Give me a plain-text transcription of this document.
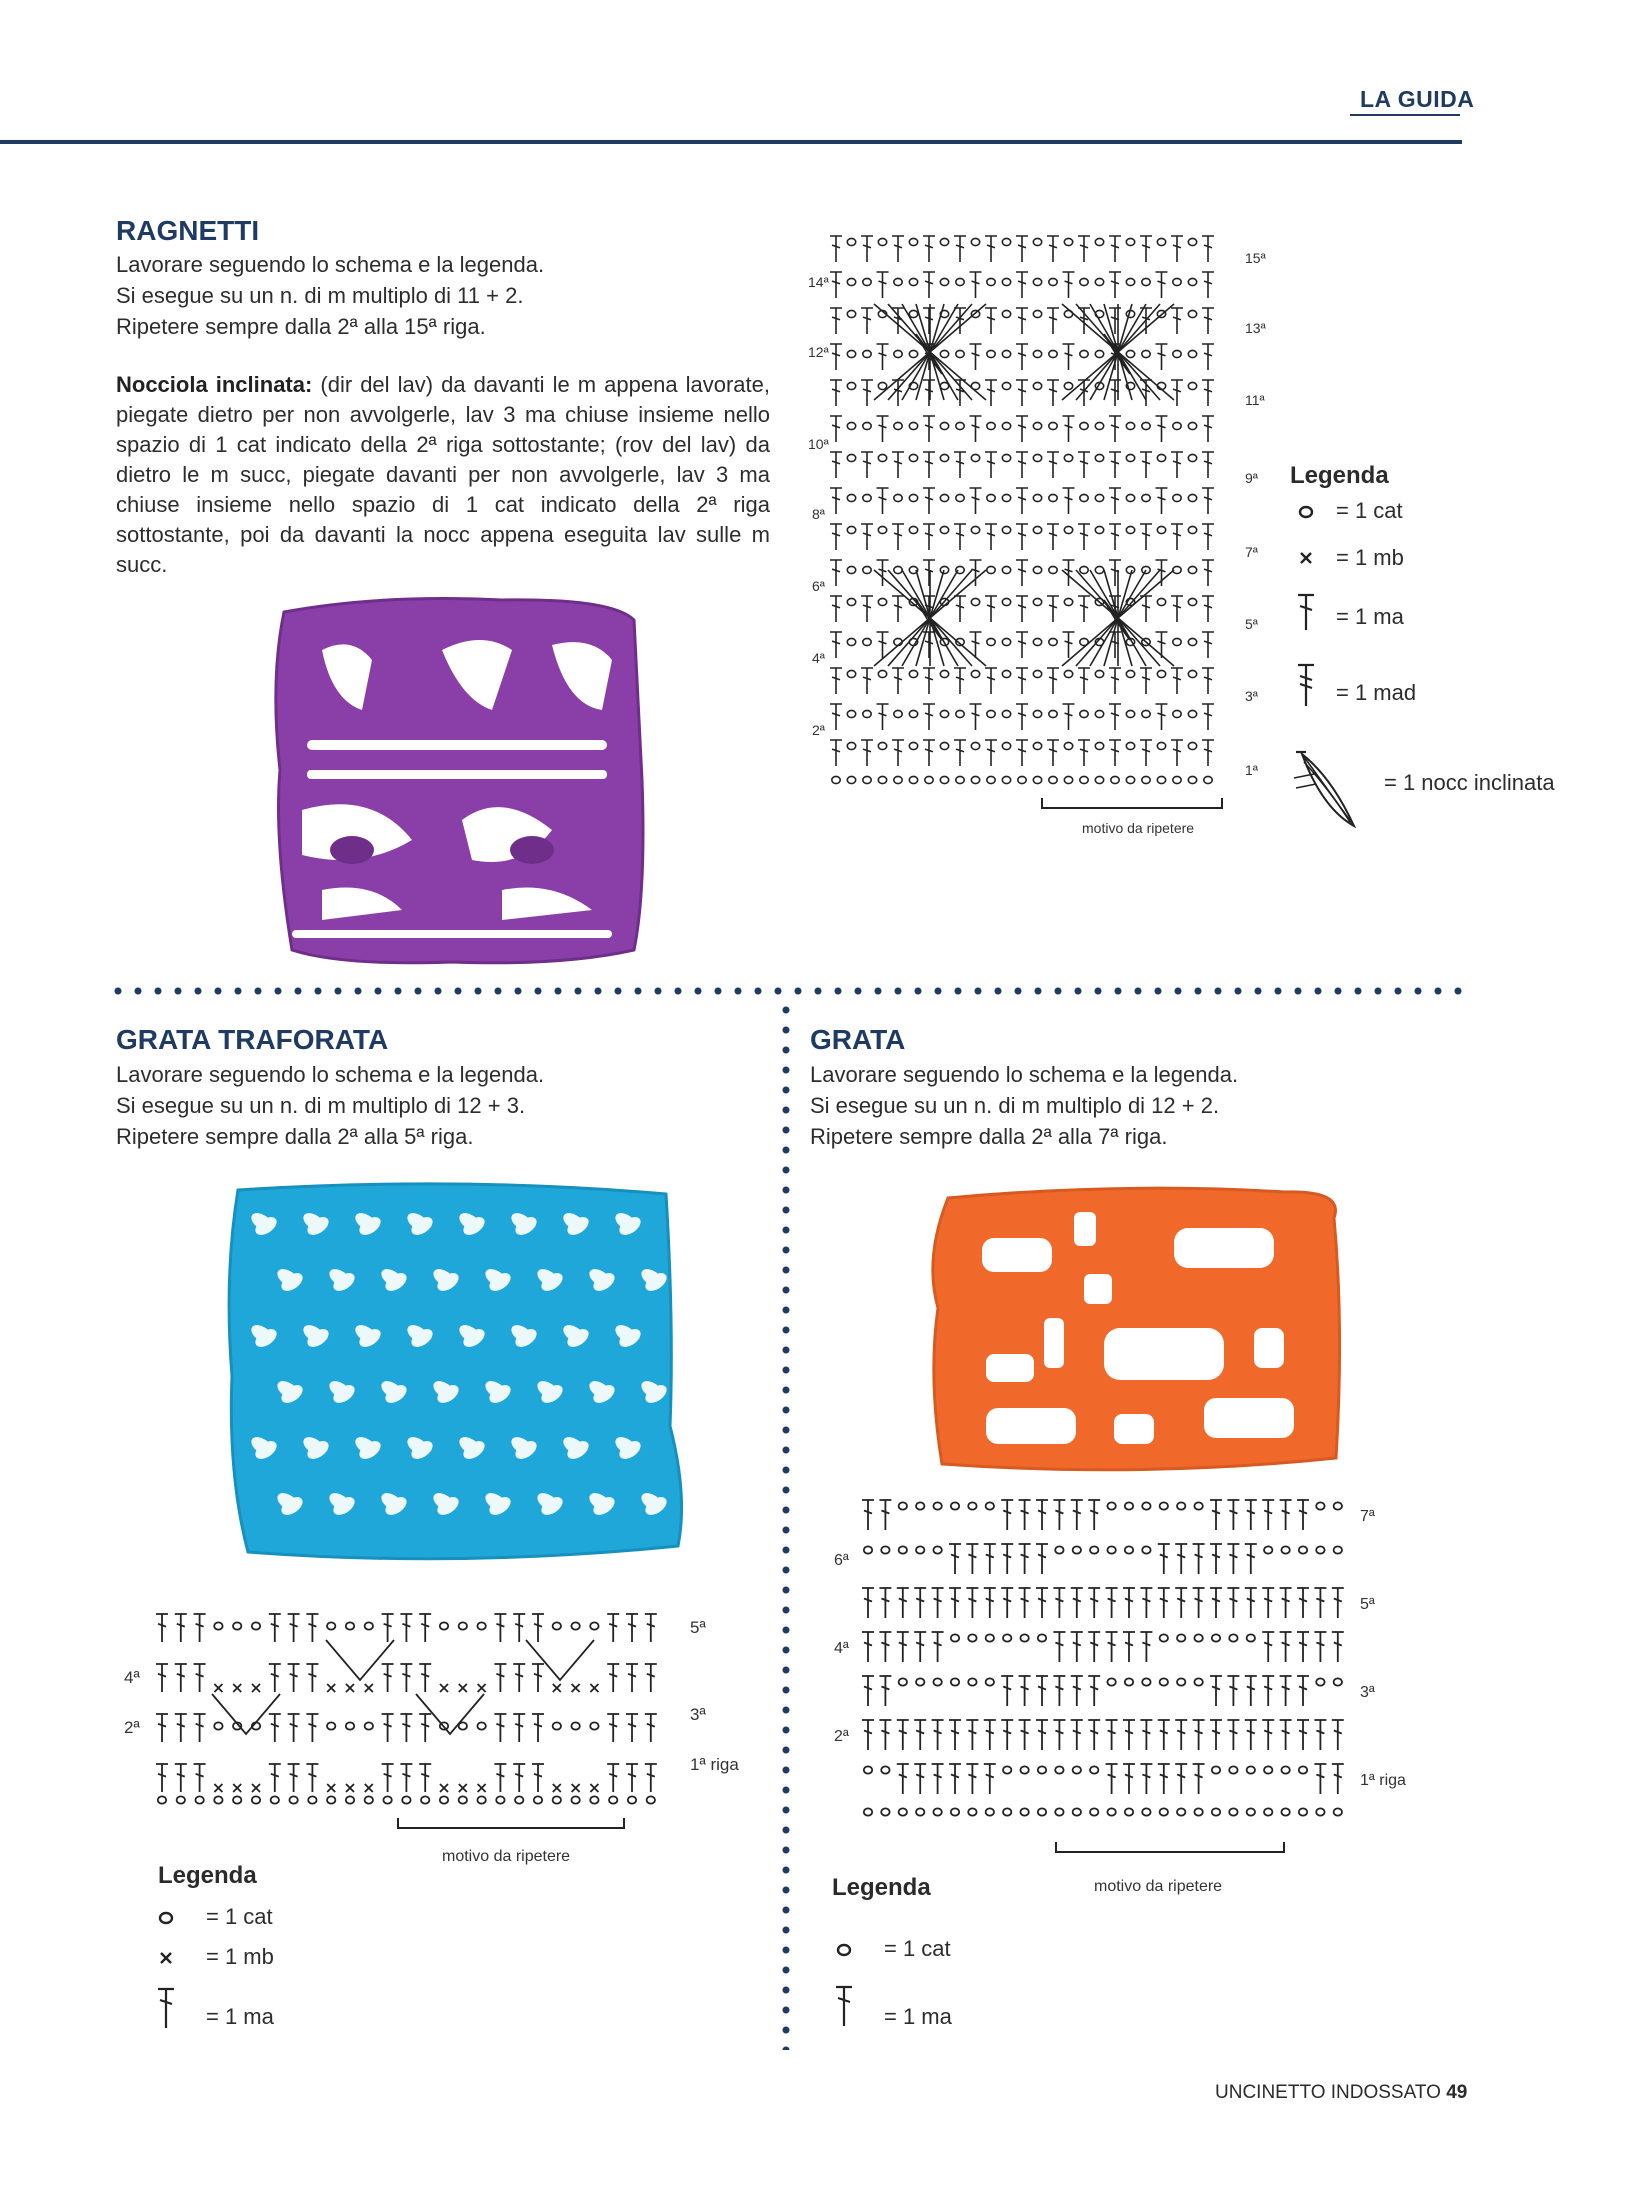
LA GUIDA
RAGNETTI

Lavorare seguendo lo schema e la legenda.

Si esegue su un n. di m multiplo di 11 + 2.

Ripetere sempre dalla 2ª alla 15ª riga.

Nocciola inclinata: (dir del lav) da davanti le m appena lavorate, piegate dietro per non avvolgerle, lav 3 ma chiuse insieme nello spazio di 1 cat indicato della 2ª riga sottostante; (rov del lav) da dietro le m succ, piegate davanti per non avvolgerle, lav 3 ma chiuse insieme nello spazio di 1 cat indicato della 2ª riga sottostante, poi da davanti la nocc appena eseguita lav sulle m succ.
15ª
13ª
11ª
9ª
7ª
5ª
3ª
1ª
14ª
12ª
10ª
8ª
6ª
4ª
2ª
motivo da ripetere
Legenda
= 1 cat
= 1 mb
= 1 ma
= 1 mad
= 1 nocc inclinata
GRATA TRAFORATA

Lavorare seguendo lo schema e la legenda.

Si esegue su un n. di m multiplo di 12 + 3.

Ripetere sempre dalla 2ª alla 5ª riga.

5ª
3ª
1ª riga
4ª
2ª
motivo da ripetere
Legenda
= 1 cat
= 1 mb
= 1 ma
GRATA

Lavorare seguendo lo schema e la legenda.

Si esegue su un n. di m multiplo di 12 + 2.

Ripetere sempre dalla 2ª alla 7ª riga.

7ª
5ª
3ª
1ª riga
6ª
4ª
2ª
motivo da ripetere
Legenda
= 1 cat
= 1 ma
UNCINETTO INDOSSATO 49
